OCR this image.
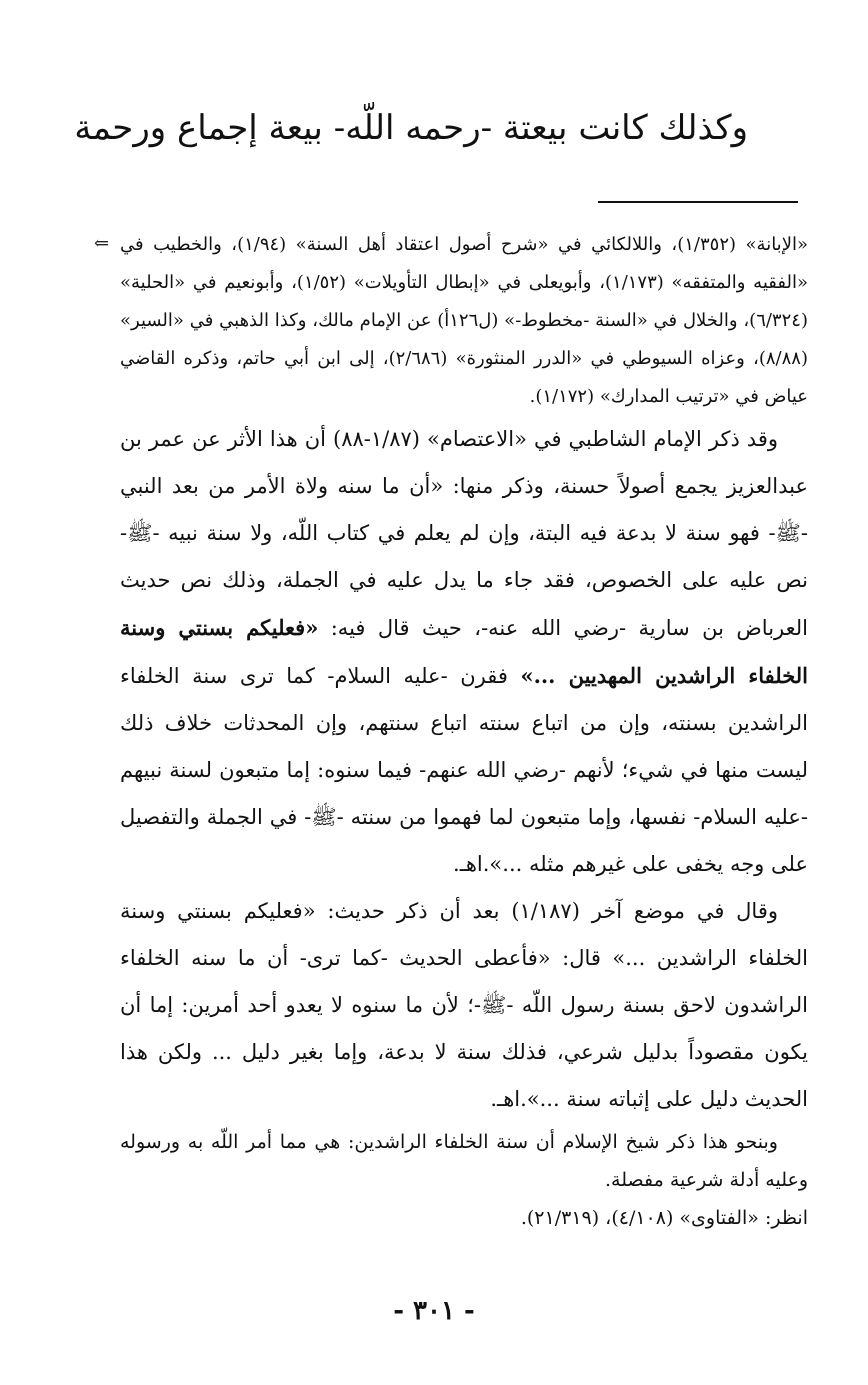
وكذلك كانت بيعتة -رحمه اللّه- بيعة إجماع ورحمة
⇐ «الإبانة» (١/٣٥٢)، واللالكائي في «شرح أصول اعتقاد أهل السنة» (١/٩٤)، والخطيب في «الفقيه والمتفقه» (١/١٧٣)، وأبويعلى في «إبطال التأويلات» (١/٥٢)، وأبونعيم في «الحلية» (٦/٣٢٤)، والخلال في «السنة -مخطوط-» (ل١٢٦أ) عن الإمام مالك، وكذا الذهبي في «السير» (٨/٨٨)، وعزاه السيوطي في «الدرر المنثورة» (٢/٦٨٦)، إلى ابن أبي حاتم، وذكره القاضي عياض في «ترتيب المدارك» (١/١٧٢).

وقد ذكر الإمام الشاطبي في «الاعتصام» (١/٨٧-٨٨) أن هذا الأثر عن عمر بن عبدالعزيز يجمع أصولاً حسنة، وذكر منها: «أن ما سنه ولاة الأمر من بعد النبي -ﷺ- فهو سنة لا بدعة فيه البتة، وإن لم يعلم في كتاب اللّه، ولا سنة نبيه -ﷺ- نص عليه على الخصوص، فقد جاء ما يدل عليه في الجملة، وذلك نص حديث العرباض بن سارية -رضي الله عنه-، حيث قال فيه: «فعليكم بسنتي وسنة الخلفاء الراشدين المهديين ...» فقرن -عليه السلام- كما ترى سنة الخلفاء الراشدين بسنته، وإن من اتباع سنته اتباع سنتهم، وإن المحدثات خلاف ذلك ليست منها في شيء؛ لأنهم -رضي الله عنهم- فيما سنوه: إما متبعون لسنة نبيهم -عليه السلام- نفسها، وإما متبعون لما فهموا من سنته -ﷺ- في الجملة والتفصيل على وجه يخفى على غيرهم مثله ...».اهـ.

وقال في موضع آخر (١/١٨٧) بعد أن ذكر حديث: «فعليكم بسنتي وسنة الخلفاء الراشدين ...» قال: «فأعطى الحديث -كما ترى- أن ما سنه الخلفاء الراشدون لاحق بسنة رسول اللّه -ﷺ-؛ لأن ما سنوه لا يعدو أحد أمرين: إما أن يكون مقصوداً بدليل شرعي، فذلك سنة لا بدعة، وإما بغير دليل ... ولكن هذا الحديث دليل على إثباته سنة ...».اهـ.

وبنحو هذا ذكر شيخ الإسلام أن سنة الخلفاء الراشدين: هي مما أمر اللّه به ورسوله وعليه أدلة شرعية مفصلة.

انظر: «الفتاوى» (٤/١٠٨)، (٢١/٣١٩).

- ٣٠١ -
